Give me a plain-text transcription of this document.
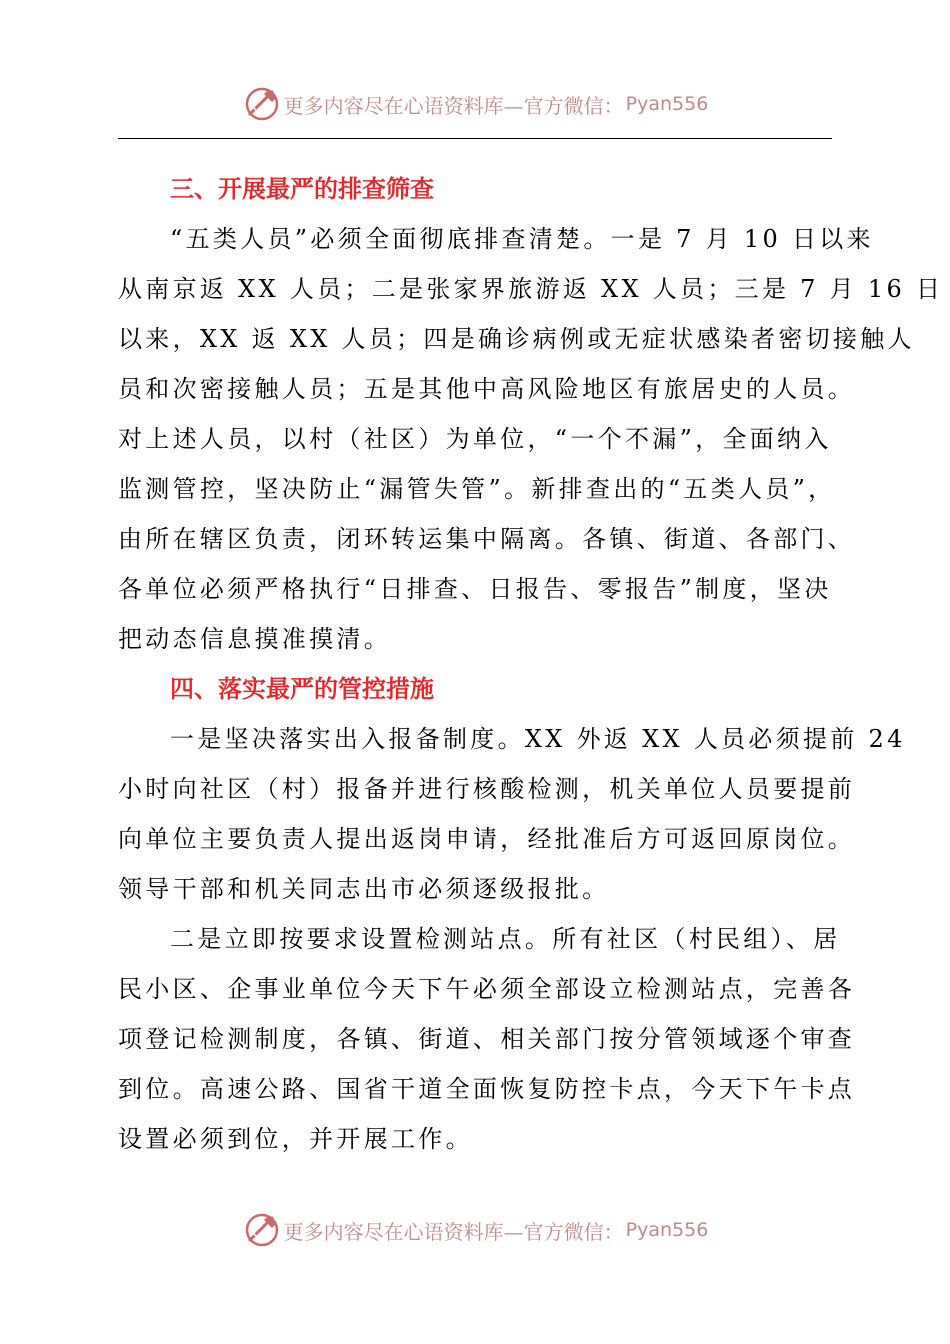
更多内容尽在心语资料库—官方微信： Pyan556
三、开展最严的排查筛查
“五类人员”必须全面彻底排查清楚。一是 7 月 10 日以来
从南京返 XX 人员；二是张家界旅游返 XX 人员；三是 7 月 16 日
以来，XX 返 XX 人员；四是确诊病例或无症状感染者密切接触人
员和次密接触人员；五是其他中高风险地区有旅居史的人员。
对上述人员，以村（社区）为单位，“一个不漏”，全面纳入
监测管控，坚决防止“漏管失管”。新排查出的“五类人员”，
由所在辖区负责，闭环转运集中隔离。各镇、街道、各部门、
各单位必须严格执行“日排查、日报告、零报告”制度，坚决
把动态信息摸准摸清。
四、落实最严的管控措施
一是坚决落实出入报备制度。XX 外返 XX 人员必须提前 24
小时向社区（村）报备并进行核酸检测，机关单位人员要提前
向单位主要负责人提出返岗申请，经批准后方可返回原岗位。
领导干部和机关同志出市必须逐级报批。
二是立即按要求设置检测站点。所有社区（村民组）、居
民小区、企事业单位今天下午必须全部设立检测站点，完善各
项登记检测制度，各镇、街道、相关部门按分管领域逐个审查
到位。高速公路、国省干道全面恢复防控卡点，今天下午卡点
设置必须到位，并开展工作。
更多内容尽在心语资料库—官方微信： Pyan556
